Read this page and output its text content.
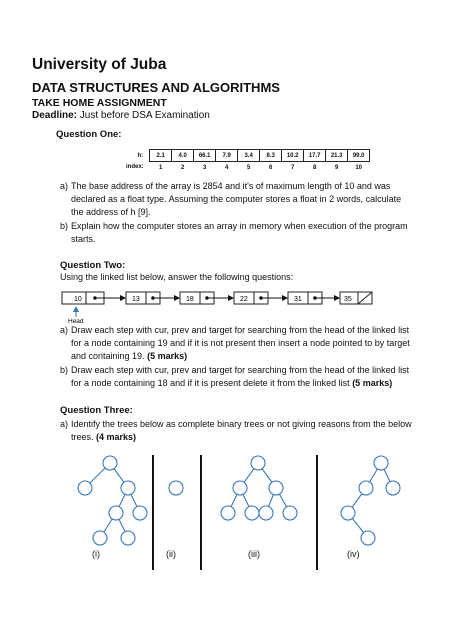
University of Juba
DATA STRUCTURES AND ALGORITHMS
TAKE HOME ASSIGNMENT
Deadline: Just before DSA Examination
Question One:
h:	2.1	4.0	66.1	7.9	3.4	8.3	10.2	17.7	21.3	99.0
index:	1	2	3	4	5	6	7	8	9	10
a) The base address of the array is 2854 and it's of maximum length of 10 and was declared as a float type. Assuming the computer stores a float in 2 words, calculate the address of h [9].
b) Explain how the computer stores an array in memory when execution of the program starts.
Question Two:
Using the linked list below, answer the following questions:
10	13	18	22	31	35
Head
a) Draw each step with cur, prev and target for searching from the head of the linked list for a node containing 19 and if it is not present then insert a node pointed to by target and containing 19. (5 marks)
b) Draw each step with cur, prev and target for searching from the head of the linked list for a node containing 18 and if it is present delete it from the linked list (5 marks)
Question Three:
a) Identify the trees below as complete binary trees or not giving reasons from the below trees. (4 marks)
(i)	(ii)	(iii)	(iv)
